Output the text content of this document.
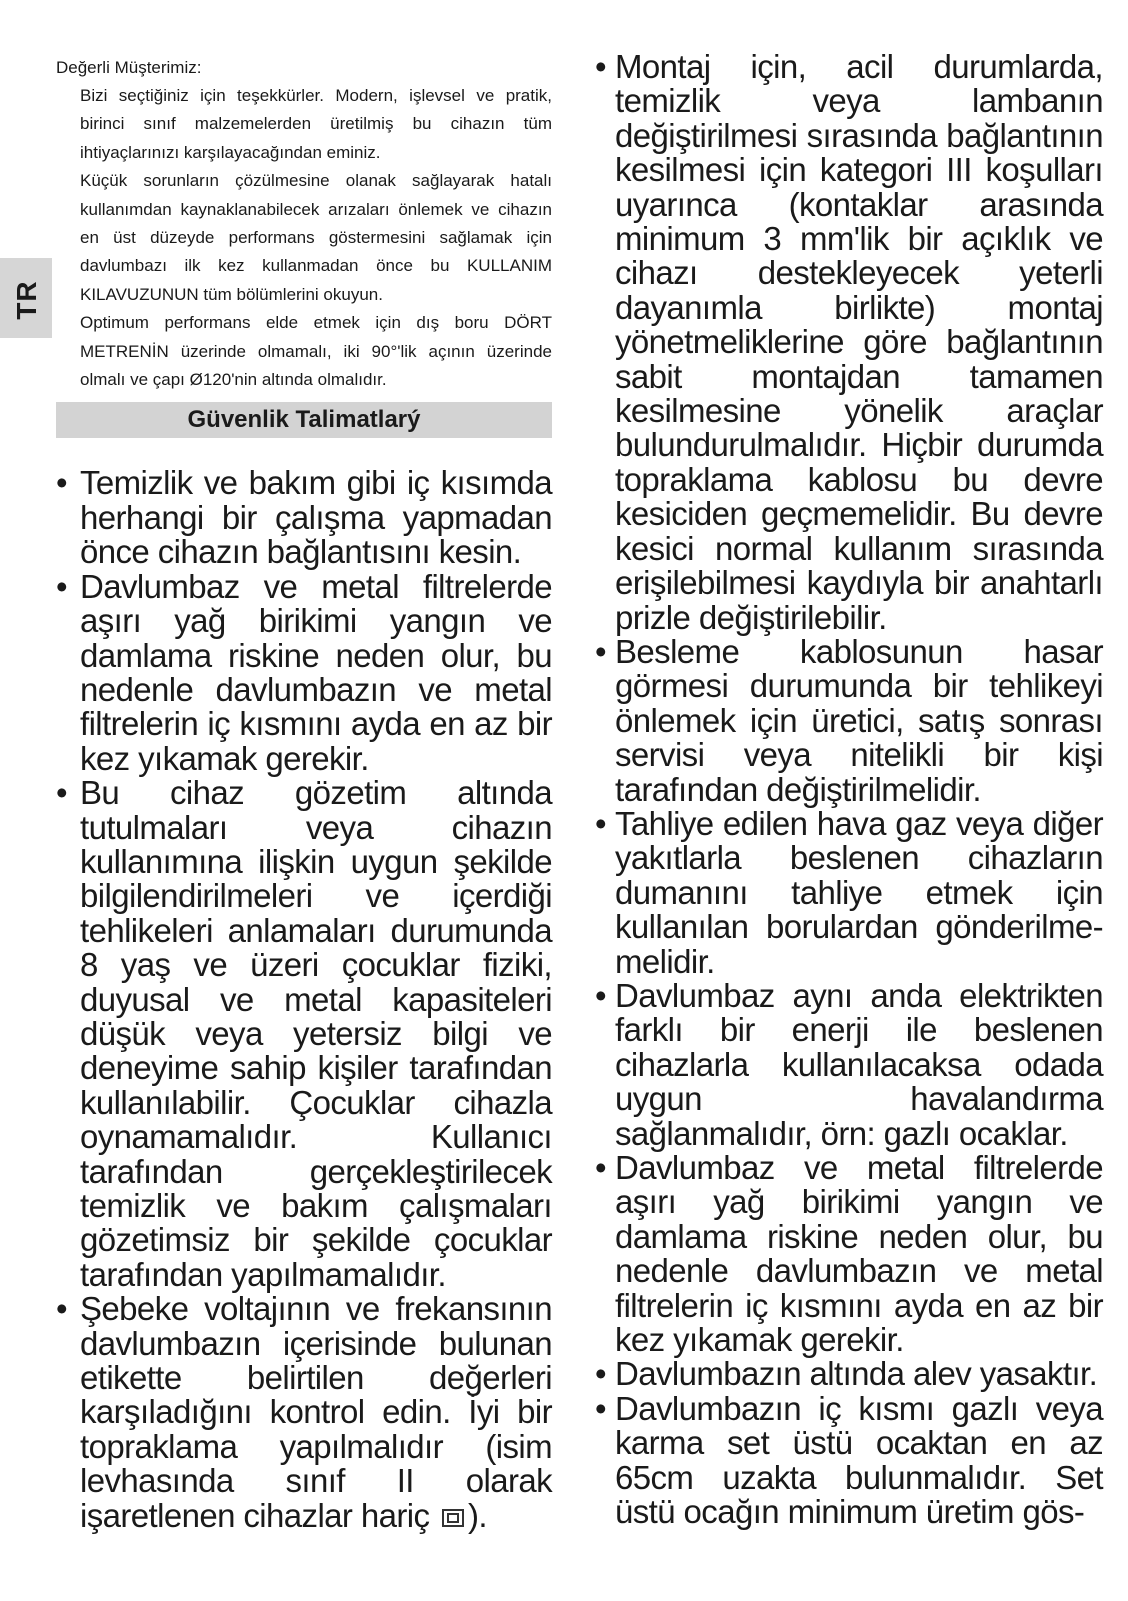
TR

Değerli Müşterimiz:

Bizi seçtiğiniz için teşekkürler. Modern, işlevsel ve pratik, birinci sınıf malzemelerden üretilmiş bu cihazın tüm ihtiyaçlarınızı karşılayacağından eminiz.

Küçük sorunların çözülmesine olanak sağlayarak hatalı kullanımdan kaynaklanabilecek arızaları önlemek ve cihazın en üst düzeyde performans göstermesini sağlamak için davlumbazı ilk kez kullanmadan önce bu KULLANIM KILAVUZUNUN tüm bölümlerini okuyun.

Optimum performans elde etmek için dış boru DÖRT METRENİN üzerinde olmamalı, iki 90°'lik açının üzerinde olmalı ve çapı Ø120'nin altında olmalıdır.

Güvenlik Talimatlarý
• Temizlik ve bakım gibi iç kısımda herhangi bir çalışma yapmadan önce cihazın bağlantısını kesin.
• Davlumbaz ve metal filtrelerde aşırı yağ birikimi yangın ve damlama riskine neden olur, bu nedenle davlumbazın ve metal filtrelerin iç kısmını ayda en az bir kez yıkamak gerekir.
• Bu cihaz gözetim altında tutulmaları veya cihazın kullanımına ilişkin uygun şekilde bilgilendirilmeleri ve içerdiği tehlikeleri anlamaları durumunda 8 yaş ve üzeri çocuklar fiziki, duyusal ve metal kapasiteleri düşük veya yetersiz bilgi ve deneyime sahip kişiler tarafından kullanılabilir. Çocuklar cihazla oynamamalıdır. Kullanıcı tarafından gerçekleştirilecek temizlik ve bakım çalışmaları gözetimsiz bir şekilde çocuklar tarafından yapılmamalıdır.
• Şebeke voltajının ve frekansının davlumbazın içerisinde bulunan etikette belirtilen değerleri karşıladığını kontrol edin. İyi bir topraklama yapılmalıdır (isim levhasında sınıf II olarak işaretlenen cihazlar hariç ).
• Montaj için, acil durumlarda, temizlik veya lambanın değiştirilmesi sırasında bağlantının kesilmesi için kategori III koşulları uyarınca (kontaklar arasında minimum 3 mm'lik bir açıklık ve cihazı destekleyecek yeterli dayanımla birlikte) montaj yönetmeliklerine göre bağlantının sabit montajdan tamamen kesilmesine yönelik araçlar bulundurulmalıdır. Hiçbir durumda topraklama kablosu bu devre kesiciden geçmemelidir. Bu devre kesici normal kullanım sırasında erişilebilmesi kaydıyla bir anahtarlı prizle değiştirilebilir.
• Besleme kablosunun hasar görmesi durumunda bir tehlikeyi önlemek için üretici, satış sonrası servisi veya nitelikli bir kişi tarafından değiştirilmelidir.
• Tahliye edilen hava gaz veya diğer yakıtlarla beslenen cihazların dumanını tahliye etmek için kullanılan borulardan gönderilme- melidir.
• Davlumbaz aynı anda elektrikten farklı bir enerji ile beslenen cihazlarla kullanılacaksa odada uygun havalandırma sağlanmalıdır, örn: gazlı ocaklar.
• Davlumbaz ve metal filtrelerde aşırı yağ birikimi yangın ve damlama riskine neden olur, bu nedenle davlumbazın ve metal filtrelerin iç kısmını ayda en az bir kez yıkamak gerekir.
• Davlumbazın altında alev yasaktır.
• Davlumbazın iç kısmı gazlı veya karma set üstü ocaktan en az 65cm uzakta bulunmalıdır. Set üstü ocağın minimum üretim gös-
